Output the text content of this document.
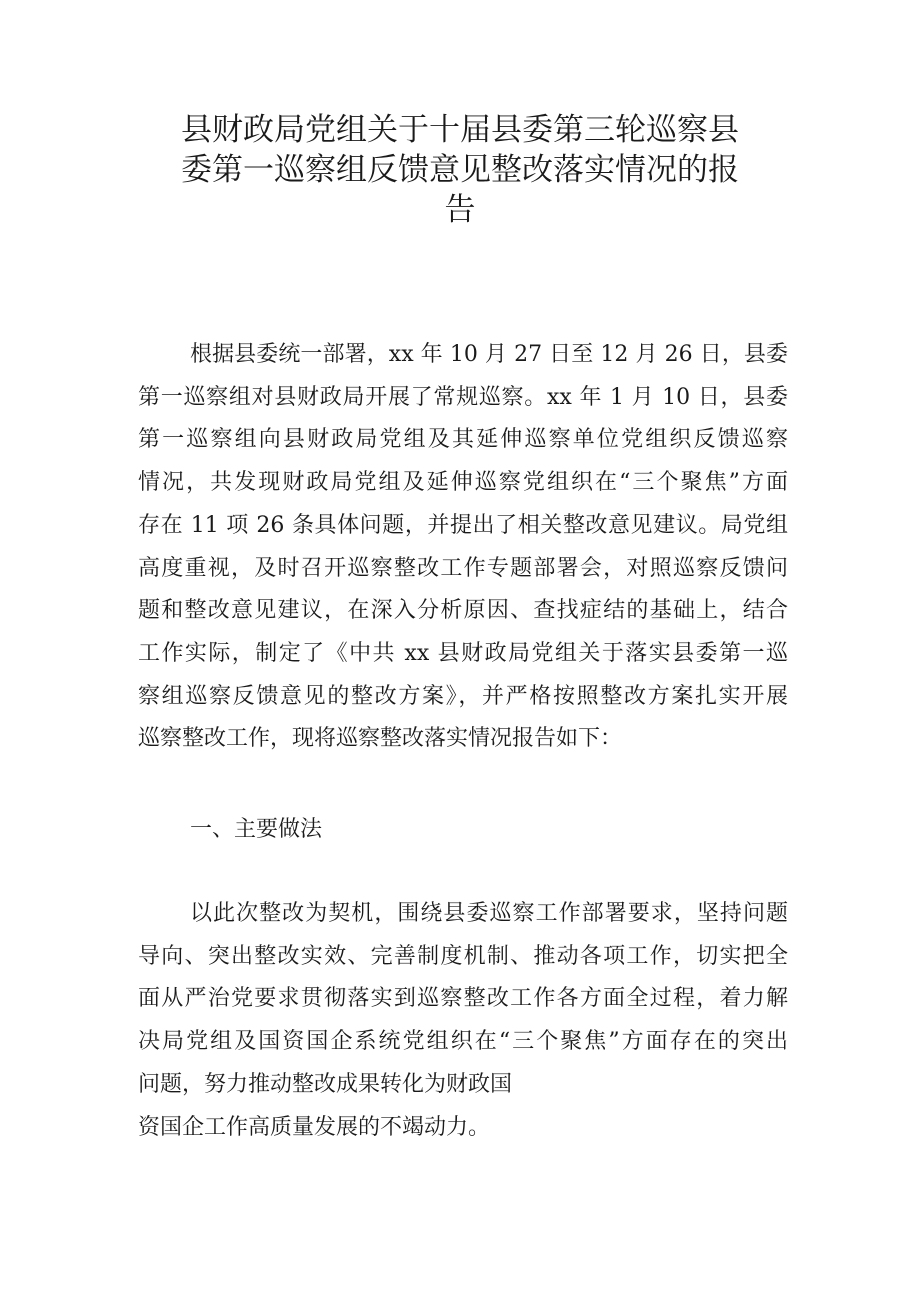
县财政局党组关于十届县委第三轮巡察县
委第一巡察组反馈意见整改落实情况的报
告
根据县委统一部署，xx 年 10 月 27 日至 12 月 26 日，县委
第一巡察组对县财政局开展了常规巡察。xx 年 1 月 10 日，县委
第一巡察组向县财政局党组及其延伸巡察单位党组织反馈巡察
情况，共发现财政局党组及延伸巡察党组织在“三个聚焦”方面
存在 11 项 26 条具体问题，并提出了相关整改意见建议。局党组
高度重视，及时召开巡察整改工作专题部署会，对照巡察反馈问
题和整改意见建议，在深入分析原因、查找症结的基础上，结合
工作实际，制定了《中共 xx 县财政局党组关于落实县委第一巡
察组巡察反馈意见的整改方案》，并严格按照整改方案扎实开展
巡察整改工作，现将巡察整改落实情况报告如下：
一、主要做法
以此次整改为契机，围绕县委巡察工作部署要求，坚持问题
导向、突出整改实效、完善制度机制、推动各项工作，切实把全
面从严治党要求贯彻落实到巡察整改工作各方面全过程，着力解
决局党组及国资国企系统党组织在“三个聚焦”方面存在的突出
问题，努力推动整改成果转化为财政国
资国企工作高质量发展的不竭动力。
